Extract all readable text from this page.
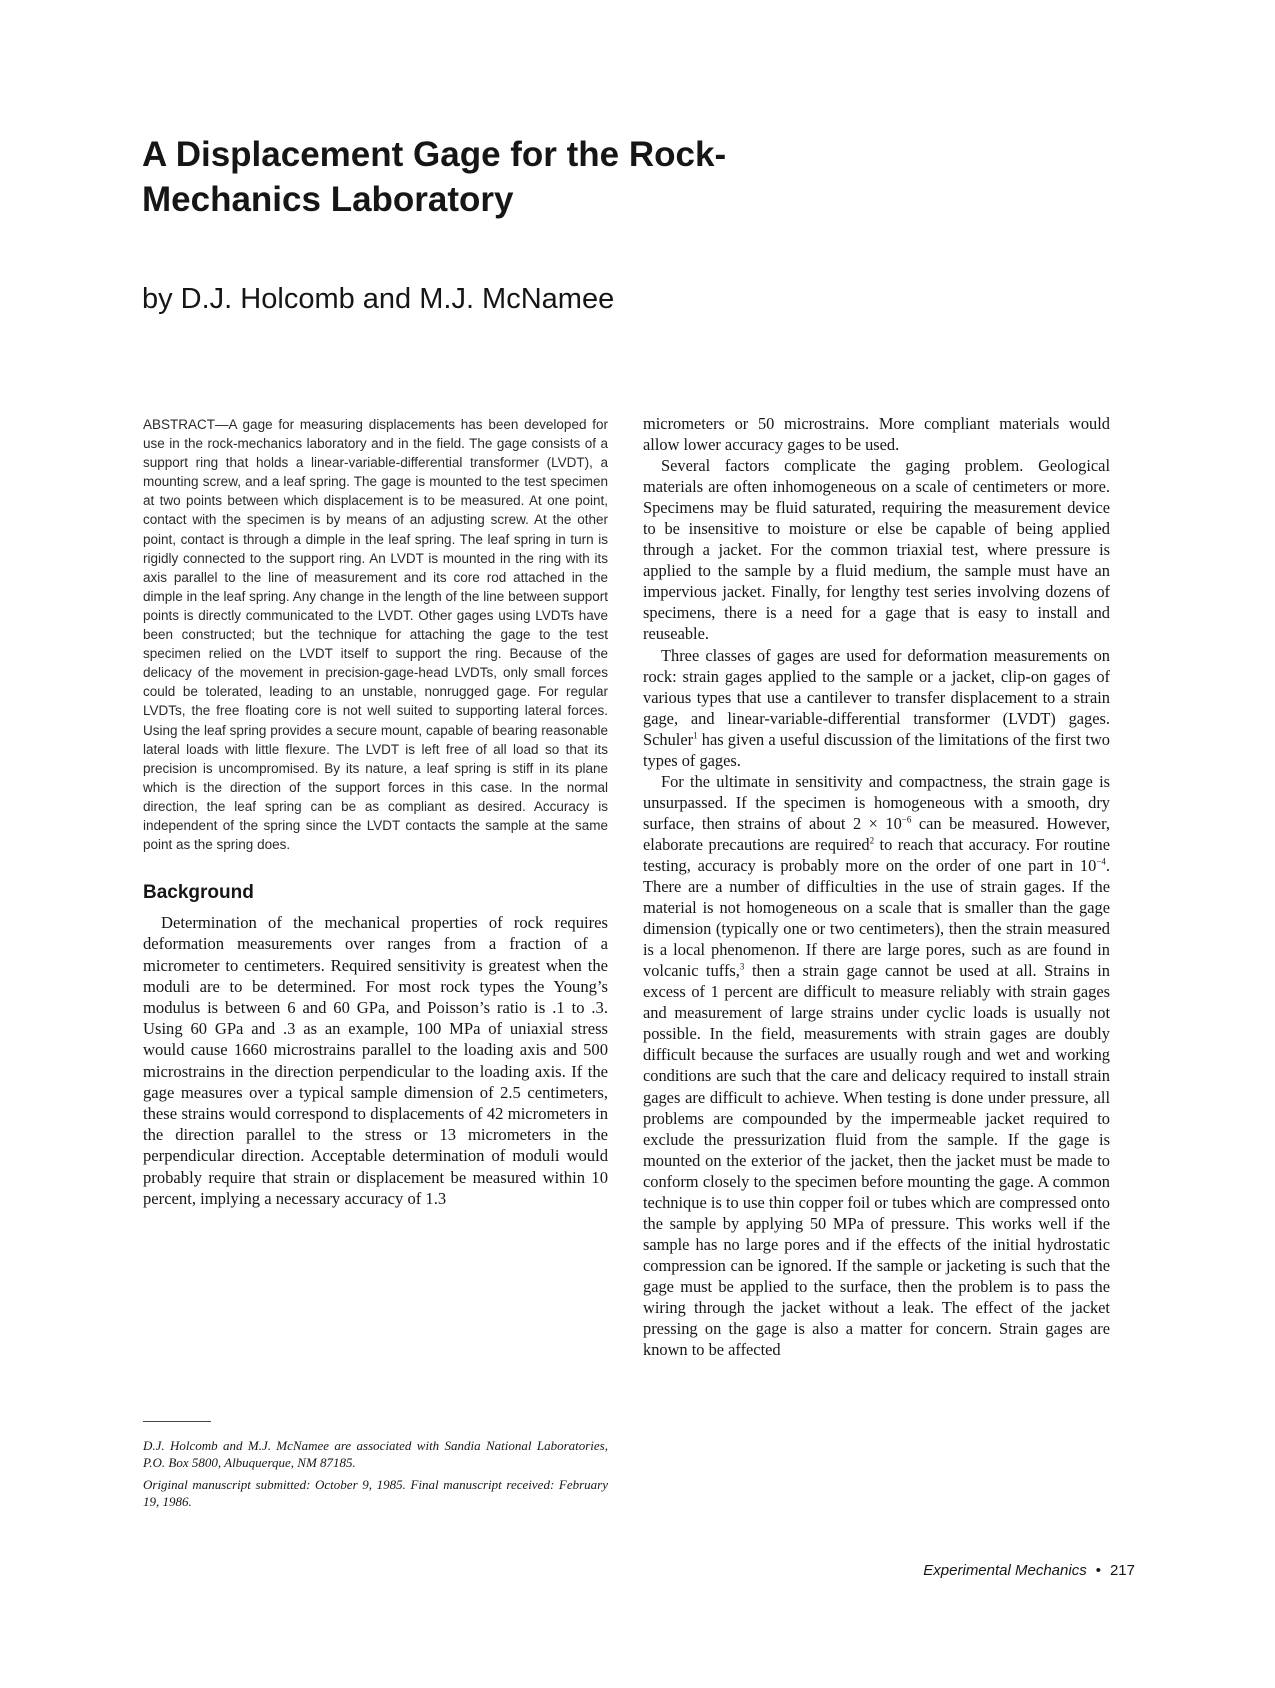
A Displacement Gage for the Rock-Mechanics Laboratory
by D.J. Holcomb and M.J. McNamee

ABSTRACT—A gage for measuring displacements has been developed for use in the rock-mechanics laboratory and in the field. The gage consists of a support ring that holds a linear-variable-differential transformer (LVDT), a mounting screw, and a leaf spring. The gage is mounted to the test specimen at two points between which displacement is to be measured. At one point, contact with the specimen is by means of an adjusting screw. At the other point, contact is through a dimple in the leaf spring. The leaf spring in turn is rigidly connected to the support ring. An LVDT is mounted in the ring with its axis parallel to the line of measurement and its core rod attached in the dimple in the leaf spring. Any change in the length of the line between support points is directly communicated to the LVDT. Other gages using LVDTs have been constructed; but the technique for attaching the gage to the test specimen relied on the LVDT itself to support the ring. Because of the delicacy of the movement in precision-gage-head LVDTs, only small forces could be tolerated, leading to an unstable, nonrugged gage. For regular LVDTs, the free floating core is not well suited to supporting lateral forces. Using the leaf spring provides a secure mount, capable of bearing reasonable lateral loads with little flexure. The LVDT is left free of all load so that its precision is uncompromised. By its nature, a leaf spring is stiff in its plane which is the direction of the support forces in this case. In the normal direction, the leaf spring can be as compliant as desired. Accuracy is independent of the spring since the LVDT contacts the sample at the same point as the spring does.

Background

Determination of the mechanical properties of rock requires deformation measurements over ranges from a fraction of a micrometer to centimeters. Required sensitivity is greatest when the moduli are to be determined. For most rock types the Young’s modulus is between 6 and 60 GPa, and Poisson’s ratio is .1 to .3. Using 60 GPa and .3 as an example, 100 MPa of uniaxial stress would cause 1660 microstrains parallel to the loading axis and 500 microstrains in the direction perpendicular to the loading axis. If the gage measures over a typical sample dimension of 2.5 centimeters, these strains would correspond to displacements of 42 micrometers in the direction parallel to the stress or 13 micrometers in the perpendicular direction. Acceptable determination of moduli would probably require that strain or displacement be measured within 10 percent, implying a necessary accuracy of 1.3

D.J. Holcomb and M.J. McNamee are associated with Sandia National Laboratories, P.O. Box 5800, Albuquerque, NM 87185.

Original manuscript submitted: October 9, 1985. Final manuscript received: February 19, 1986.

micrometers or 50 microstrains. More compliant materials would allow lower accuracy gages to be used.

Several factors complicate the gaging problem. Geological materials are often inhomogeneous on a scale of centimeters or more. Specimens may be fluid saturated, requiring the measurement device to be insensitive to moisture or else be capable of being applied through a jacket. For the common triaxial test, where pressure is applied to the sample by a fluid medium, the sample must have an impervious jacket. Finally, for lengthy test series involving dozens of specimens, there is a need for a gage that is easy to install and reuseable.

Three classes of gages are used for deformation measurements on rock: strain gages applied to the sample or a jacket, clip-on gages of various types that use a cantilever to transfer displacement to a strain gage, and linear-variable-differential transformer (LVDT) gages. Schuler$^1$ has given a useful discussion of the limitations of the first two types of gages.

For the ultimate in sensitivity and compactness, the strain gage is unsurpassed. If the specimen is homogeneous with a smooth, dry surface, then strains of about $2 \times 10^{-6}$ can be measured. However, elaborate precautions are required$^2$ to reach that accuracy. For routine testing, accuracy is probably more on the order of one part in $10^{-4}$. There are a number of difficulties in the use of strain gages. If the material is not homogeneous on a scale that is smaller than the gage dimension (typically one or two centimeters), then the strain measured is a local phenomenon. If there are large pores, such as are found in volcanic tuffs,$^3$ then a strain gage cannot be used at all. Strains in excess of 1 percent are difficult to measure reliably with strain gages and measurement of large strains under cyclic loads is usually not possible. In the field, measurements with strain gages are doubly difficult because the surfaces are usually rough and wet and working conditions are such that the care and delicacy required to install strain gages are difficult to achieve. When testing is done under pressure, all problems are compounded by the impermeable jacket required to exclude the pressurization fluid from the sample. If the gage is mounted on the exterior of the jacket, then the jacket must be made to conform closely to the specimen before mounting the gage. A common technique is to use thin copper foil or tubes which are compressed onto the sample by applying 50 MPa of pressure. This works well if the sample has no large pores and if the effects of the initial hydrostatic compression can be ignored. If the sample or jacketing is such that the gage must be applied to the surface, then the problem is to pass the wiring through the jacket without a leak. The effect of the jacket pressing on the gage is also a matter for concern. Strain gages are known to be affected

Experimental Mechanics • 217
